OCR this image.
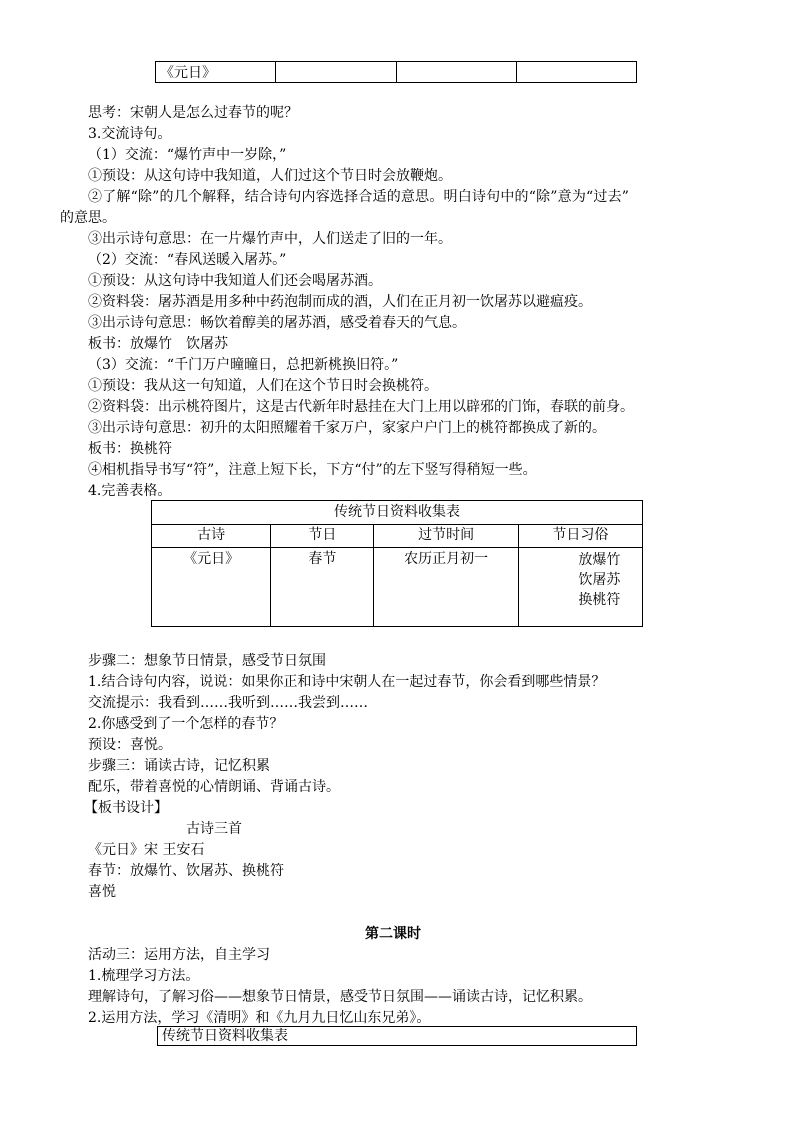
《元日》			
思考：宋朝人是怎么过春节的呢？
3.交流诗句。
（1）交流：“爆竹声中一岁除，”
①预设：从这句诗中我知道，人们过这个节日时会放鞭炮。
②了解“除”的几个解释，结合诗句内容选择合适的意思。明白诗句中的“除”意为“过去”
的意思。
③出示诗句意思：在一片爆竹声中，人们送走了旧的一年。
（2）交流：“春风送暖入屠苏。”
①预设：从这句诗中我知道人们还会喝屠苏酒。
②资料袋：屠苏酒是用多种中药泡制而成的酒，人们在正月初一饮屠苏以避瘟疫。
③出示诗句意思：畅饮着醇美的屠苏酒，感受着春天的气息。
板书：放爆竹　饮屠苏
（3）交流：“千门万户曈曈日，总把新桃换旧符。”
①预设：我从这一句知道，人们在这个节日时会换桃符。
②资料袋：出示桃符图片，这是古代新年时悬挂在大门上用以辟邪的门饰，春联的前身。
③出示诗句意思：初升的太阳照耀着千家万户，家家户户门上的桃符都换成了新的。
板书：换桃符
④相机指导书写“符”，注意上短下长，下方“付”的左下竖写得稍短一些。
4.完善表格。
传统节日资料收集表			
古诗	节日	过节时间	节日习俗
《元日》	春节	农历正月初一	放爆竹
饮屠苏
换桃符
步骤二：想象节日情景，感受节日氛围
1.结合诗句内容，说说：如果你正和诗中宋朝人在一起过春节，你会看到哪些情景？
交流提示：我看到……我听到……我尝到……
2.你感受到了一个怎样的春节？
预设：喜悦。
步骤三：诵读古诗，记忆积累
配乐，带着喜悦的心情朗诵、背诵古诗。
【板书设计】
古诗三首
《元日》宋 王安石
春节：放爆竹、饮屠苏、换桃符
喜悦
第二课时
活动三：运用方法，自主学习
1.梳理学习方法。
理解诗句，了解习俗——想象节日情景，感受节日氛围——诵读古诗，记忆积累。
2.运用方法，学习《清明》和《九月九日忆山东兄弟》。
传统节日资料收集表
